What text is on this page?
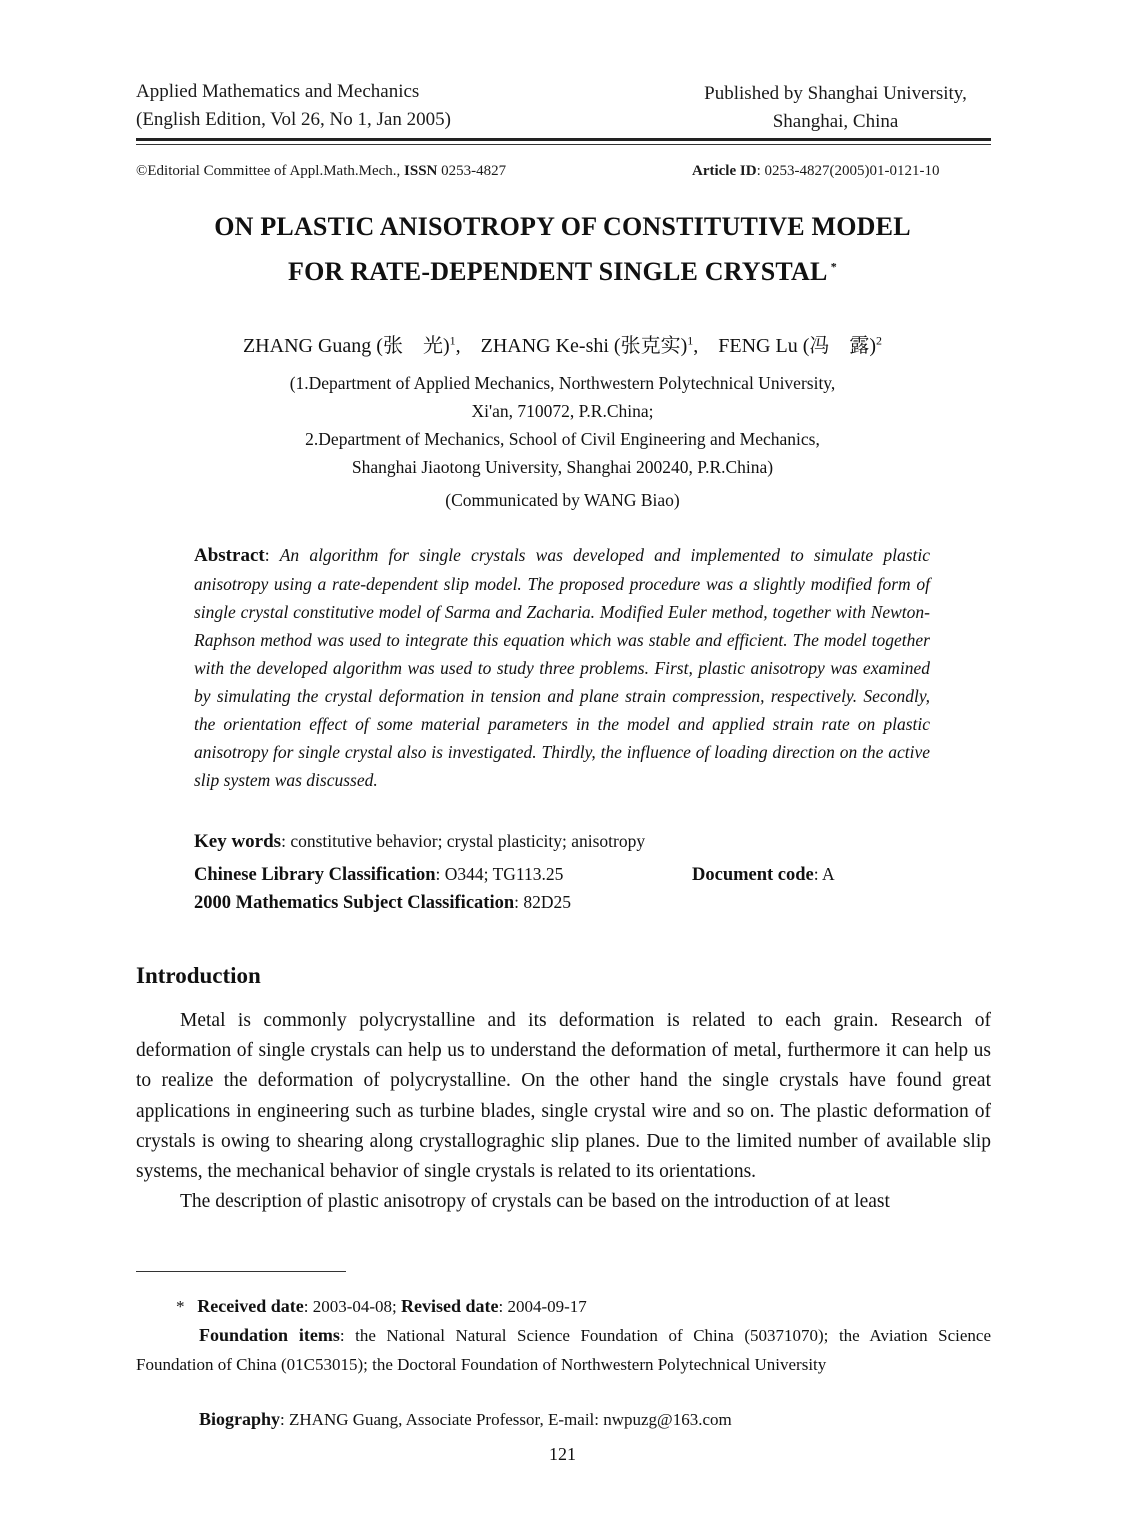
Applied Mathematics and Mechanics
(English Edition, Vol 26, No 1, Jan 2005)
Published by Shanghai University,
Shanghai, China
©Editorial Committee of Appl.Math.Mech., ISSN 0253-4827	Article ID: 0253-4827(2005)01-0121-10
ON PLASTIC ANISOTROPY OF CONSTITUTIVE MODEL
FOR RATE-DEPENDENT SINGLE CRYSTAL *
ZHANG Guang (张　光)$^1$,    ZHANG Ke-shi (张克实)$^1$,    FENG Lu (冯　露)$^2$
(1.Department of Applied Mechanics, Northwestern Polytechnical University,
Xi'an, 710072, P.R.China;
2.Department of Mechanics, School of Civil Engineering and Mechanics,
Shanghai Jiaotong University, Shanghai 200240, P.R.China)
(Communicated by WANG Biao)
Abstract: An algorithm for single crystals was developed and implemented to simulate plastic anisotropy using a rate-dependent slip model. The proposed procedure was a slightly modified form of single crystal constitutive model of Sarma and Zacharia. Modified Euler method, together with Newton-Raphson method was used to integrate this equation which was stable and efficient. The model together with the developed algorithm was used to study three problems. First, plastic anisotropy was examined by simulating the crystal deformation in tension and plane strain compression, respectively. Secondly, the orientation effect of some material parameters in the model and applied strain rate on plastic anisotropy for single crystal also is investigated. Thirdly, the influence of loading direction on the active slip system was discussed.
Key words: constitutive behavior; crystal plasticity; anisotropy
Chinese Library Classification: O344; TG113.25	Document code: A
2000 Mathematics Subject Classification: 82D25
Introduction

Metal is commonly polycrystalline and its deformation is related to each grain. Research of deformation of single crystals can help us to understand the deformation of metal, furthermore it can help us to realize the deformation of polycrystalline. On the other hand the single crystals have found great applications in engineering such as turbine blades, single crystal wire and so on. The plastic deformation of crystals is owing to shearing along crystallograghic slip planes. Due to the limited number of available slip systems, the mechanical behavior of single crystals is related to its orientations.

The description of plastic anisotropy of crystals can be based on the introduction of at least

* Received date: 2003-04-08; Revised date: 2004-09-17
Foundation items: the National Natural Science Foundation of China (50371070); the Aviation Science Foundation of China (01C53015); the Doctoral Foundation of Northwestern Polytechnical University
Biography: ZHANG Guang, Associate Professor, E-mail: nwpuzg@163.com
121
